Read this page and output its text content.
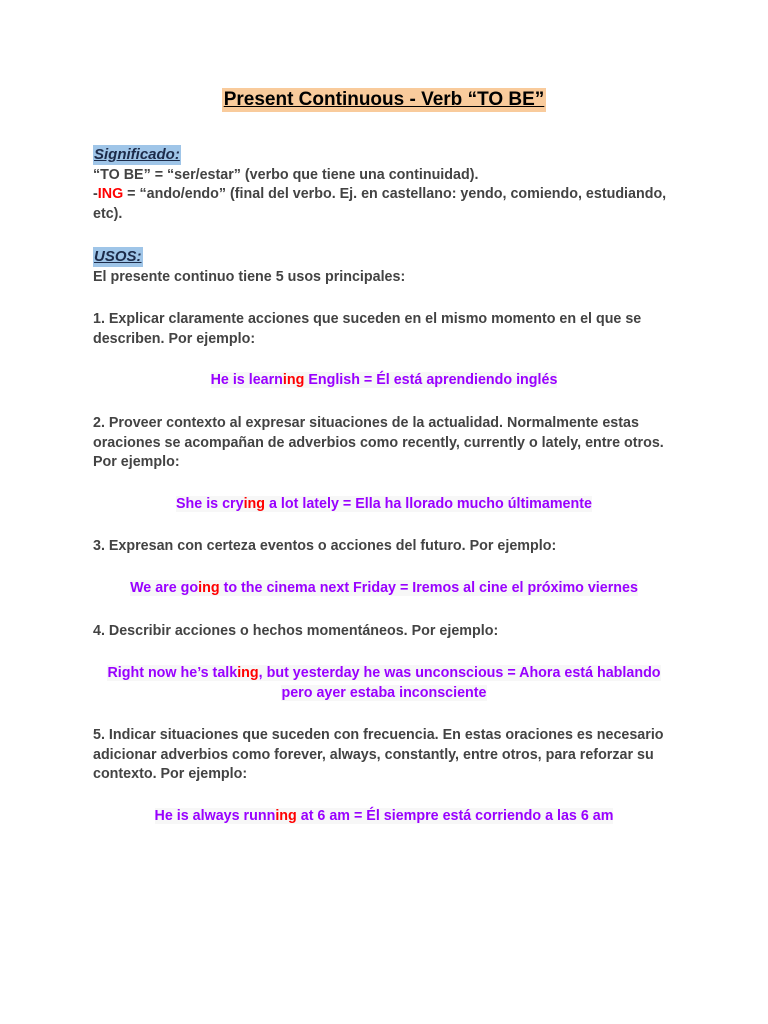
Present Continuous - Verb “TO BE”
Significado:
“TO BE” = “ser/estar” (verbo que tiene una continuidad).
-ING = “ando/endo” (final del verbo. Ej. en castellano: yendo, comiendo, estudiando, etc).
USOS:
El presente continuo tiene 5 usos principales:
1. Explicar claramente acciones que suceden en el mismo momento en el que se describen. Por ejemplo:
He is learning English = Él está aprendiendo inglés
2. Proveer contexto al expresar situaciones de la actualidad. Normalmente estas oraciones se acompañan de adverbios como recently, currently o lately, entre otros. Por ejemplo:
She is crying a lot lately = Ella ha llorado mucho últimamente
3. Expresan con certeza eventos o acciones del futuro. Por ejemplo:
We are going to the cinema next Friday = Iremos al cine el próximo viernes
4. Describir acciones o hechos momentáneos. Por ejemplo:
Right now he’s talking, but yesterday he was unconscious = Ahora está hablando pero ayer estaba inconsciente
5. Indicar situaciones que suceden con frecuencia. En estas oraciones es necesario adicionar adverbios como forever, always, constantly, entre otros, para reforzar su contexto. Por ejemplo:
He is always running at 6 am = Él siempre está corriendo a las 6 am
